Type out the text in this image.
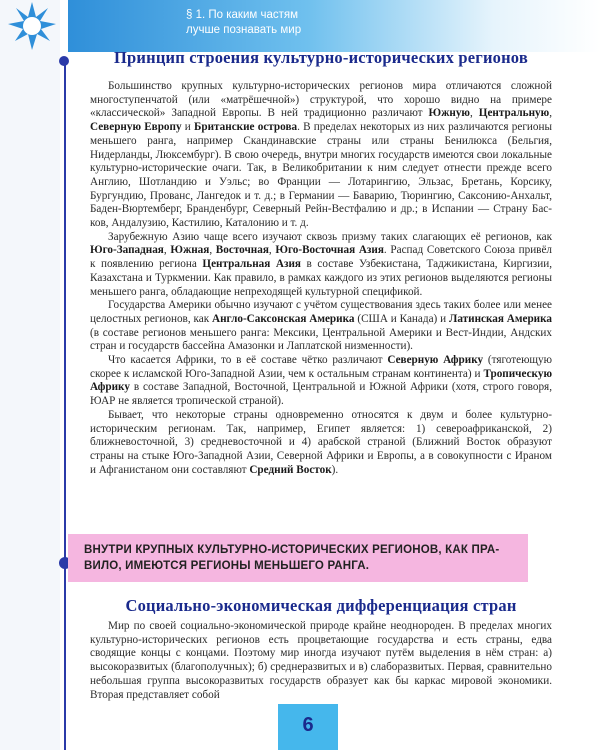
§ 1. По каким частям
лучше познавать мир
Принцип строения культурно-исторических регионов

Большинство крупных культурно-исторических регионов мира отличаются сложной многоступенчатой (или «матрёшечной») структурой, что хорошо видно на примере «классической» Западной Европы. В ней традиционно различают Южную, Центральную, Северную Европу и Британские острова. В пределах некоторых из них различаются регионы меньшего ранга, например Скандинавские страны или страны Бенилюкса (Бельгия, Нидерланды, Люксембург). В свою очередь, внутри многих государств имеются свои локальные культурно-исторические очаги. Так, в Великобритании к ним следует отнести прежде всего Англию, Шотландию и Уэльс; во Франции — Лотарингию, Эльзас, Бретань, Корсику, Бургундию, Прованс, Лангедок и т. д.; в Германии — Баварию, Тюрингию, Саксонию-Анхальт, Баден-Вюртемберг, Бранденбург, Северный Рейн-Вестфалию и др.; в Испании — Страну Басков, Андалузию, Кастилию, Каталонию и т. д.

Зарубежную Азию чаще всего изучают сквозь призму таких слагающих её регионов, как Юго-Западная, Южная, Восточная, Юго-Восточная Азия. Распад Советского Союза привёл к появлению региона Центральная Азия в составе Узбекистана, Таджикистана, Киргизии, Казахстана и Туркмении. Как правило, в рамках каждого из этих регионов выделяются регионы меньшего ранга, обладающие непреходящей культурной спецификой.

Государства Америки обычно изучают с учётом существования здесь таких более или менее целостных регионов, как Англо-Саксонская Америка (США и Канада) и Латинская Америка (в составе регионов меньшего ранга: Мексики, Центральной Америки и Вест-Индии, Андских стран и государств бассейна Амазонки и Лаплатской низменности).

Что касается Африки, то в её составе чётко различают Северную Африку (тяготеющую скорее к исламской Юго-Западной Азии, чем к остальным странам континента) и Тропическую Африку в составе Западной, Восточной, Центральной и Южной Африки (хотя, строго говоря, ЮАР не является тропической страной).

Бывает, что некоторые страны одновременно относятся к двум и более культурно-историческим регионам. Так, например, Египет является: 1) североафриканской, 2) ближневосточной, 3) средневосточной и 4) арабской страной (Ближний Восток образуют страны на стыке Юго-Западной Азии, Северной Африки и Европы, а в совокупности с Ираном и Афганистаном они составляют Средний Восток).

ВНУТРИ КРУПНЫХ КУЛЬТУРНО-ИСТОРИЧЕСКИХ РЕГИОНОВ, КАК ПРАВИЛО, ИМЕЮТСЯ РЕГИОНЫ МЕНЬШЕГО РАНГА.
Социально-экономическая дифференциация стран

Мир по своей социально-экономической природе крайне неоднороден. В пределах многих культурно-исторических регионов есть процветающие государства и есть страны, едва сводящие концы с концами. Поэтому мир иногда изучают путём выделения в нём стран: а) высокоразвитых (благополучных); б) среднеразвитых и в) слаборазвитых. Первая, сравнительно небольшая группа высокоразвитых государств образует как бы каркас мировой экономики. Вторая представляет собой

6
